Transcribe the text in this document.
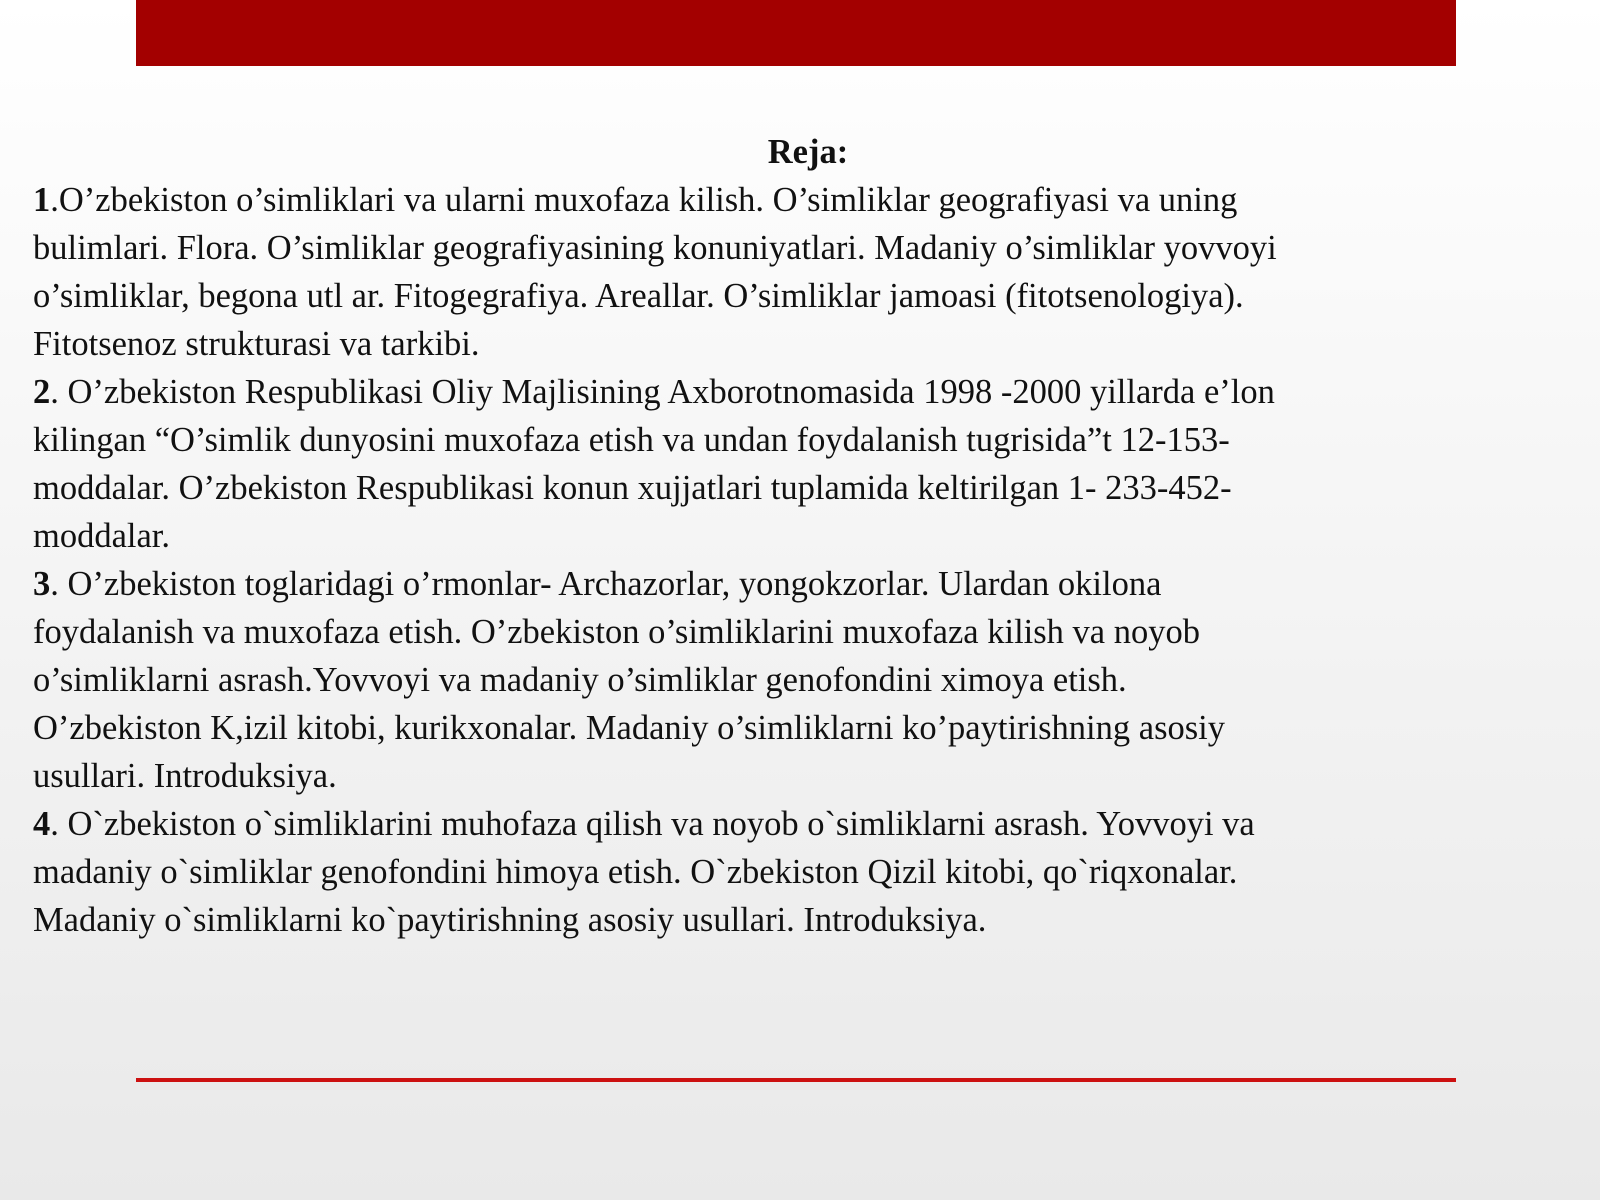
Reja:

1.O’zbekiston o’simliklari va ularni muxofaza kilish. O’simliklar geografiyasi va uning
bulimlari. Flora. O’simliklar geografiyasining konuniyatlari. Madaniy o’simliklar yovvoyi
o’simliklar, begona utl ar. Fitogegrafiya. Areallar. O’simliklar jamoasi (fitotsenologiya).
Fitotsenoz strukturasi va tarkibi.

2. O’zbekiston Respublikasi Oliy Majlisining Axborotnomasida 1998 -2000 yillarda e’lon
kilingan “O’simlik dunyosini muxofaza etish va undan foydalanish tugrisida”t 12-153-
moddalar. O’zbekiston Respublikasi konun xujjatlari tuplamida keltirilgan 1- 233-452-
moddalar.

3. O’zbekiston toglaridagi o’rmonlar- Archazorlar, yongokzorlar. Ulardan okilona
foydalanish va muxofaza etish. O’zbekiston o’simliklarini muxofaza kilish va noyob
o’simliklarni asrash.Yovvoyi va madaniy o’simliklar genofondini ximoya etish.
O’zbekiston K,izil kitobi, kurikxonalar. Madaniy o’simliklarni ko’paytirishning asosiy
usullari. Introduksiya.

4. O`zbekiston o`simliklarini muhofaza qilish va noyob o`simliklarni asrash. Yovvoyi va
madaniy o`simliklar genofondini himoya etish. O`zbekiston Qizil kitobi, qo`riqxonalar.
Madaniy o`simliklarni ko`paytirishning asosiy usullari. Introduksiya.
